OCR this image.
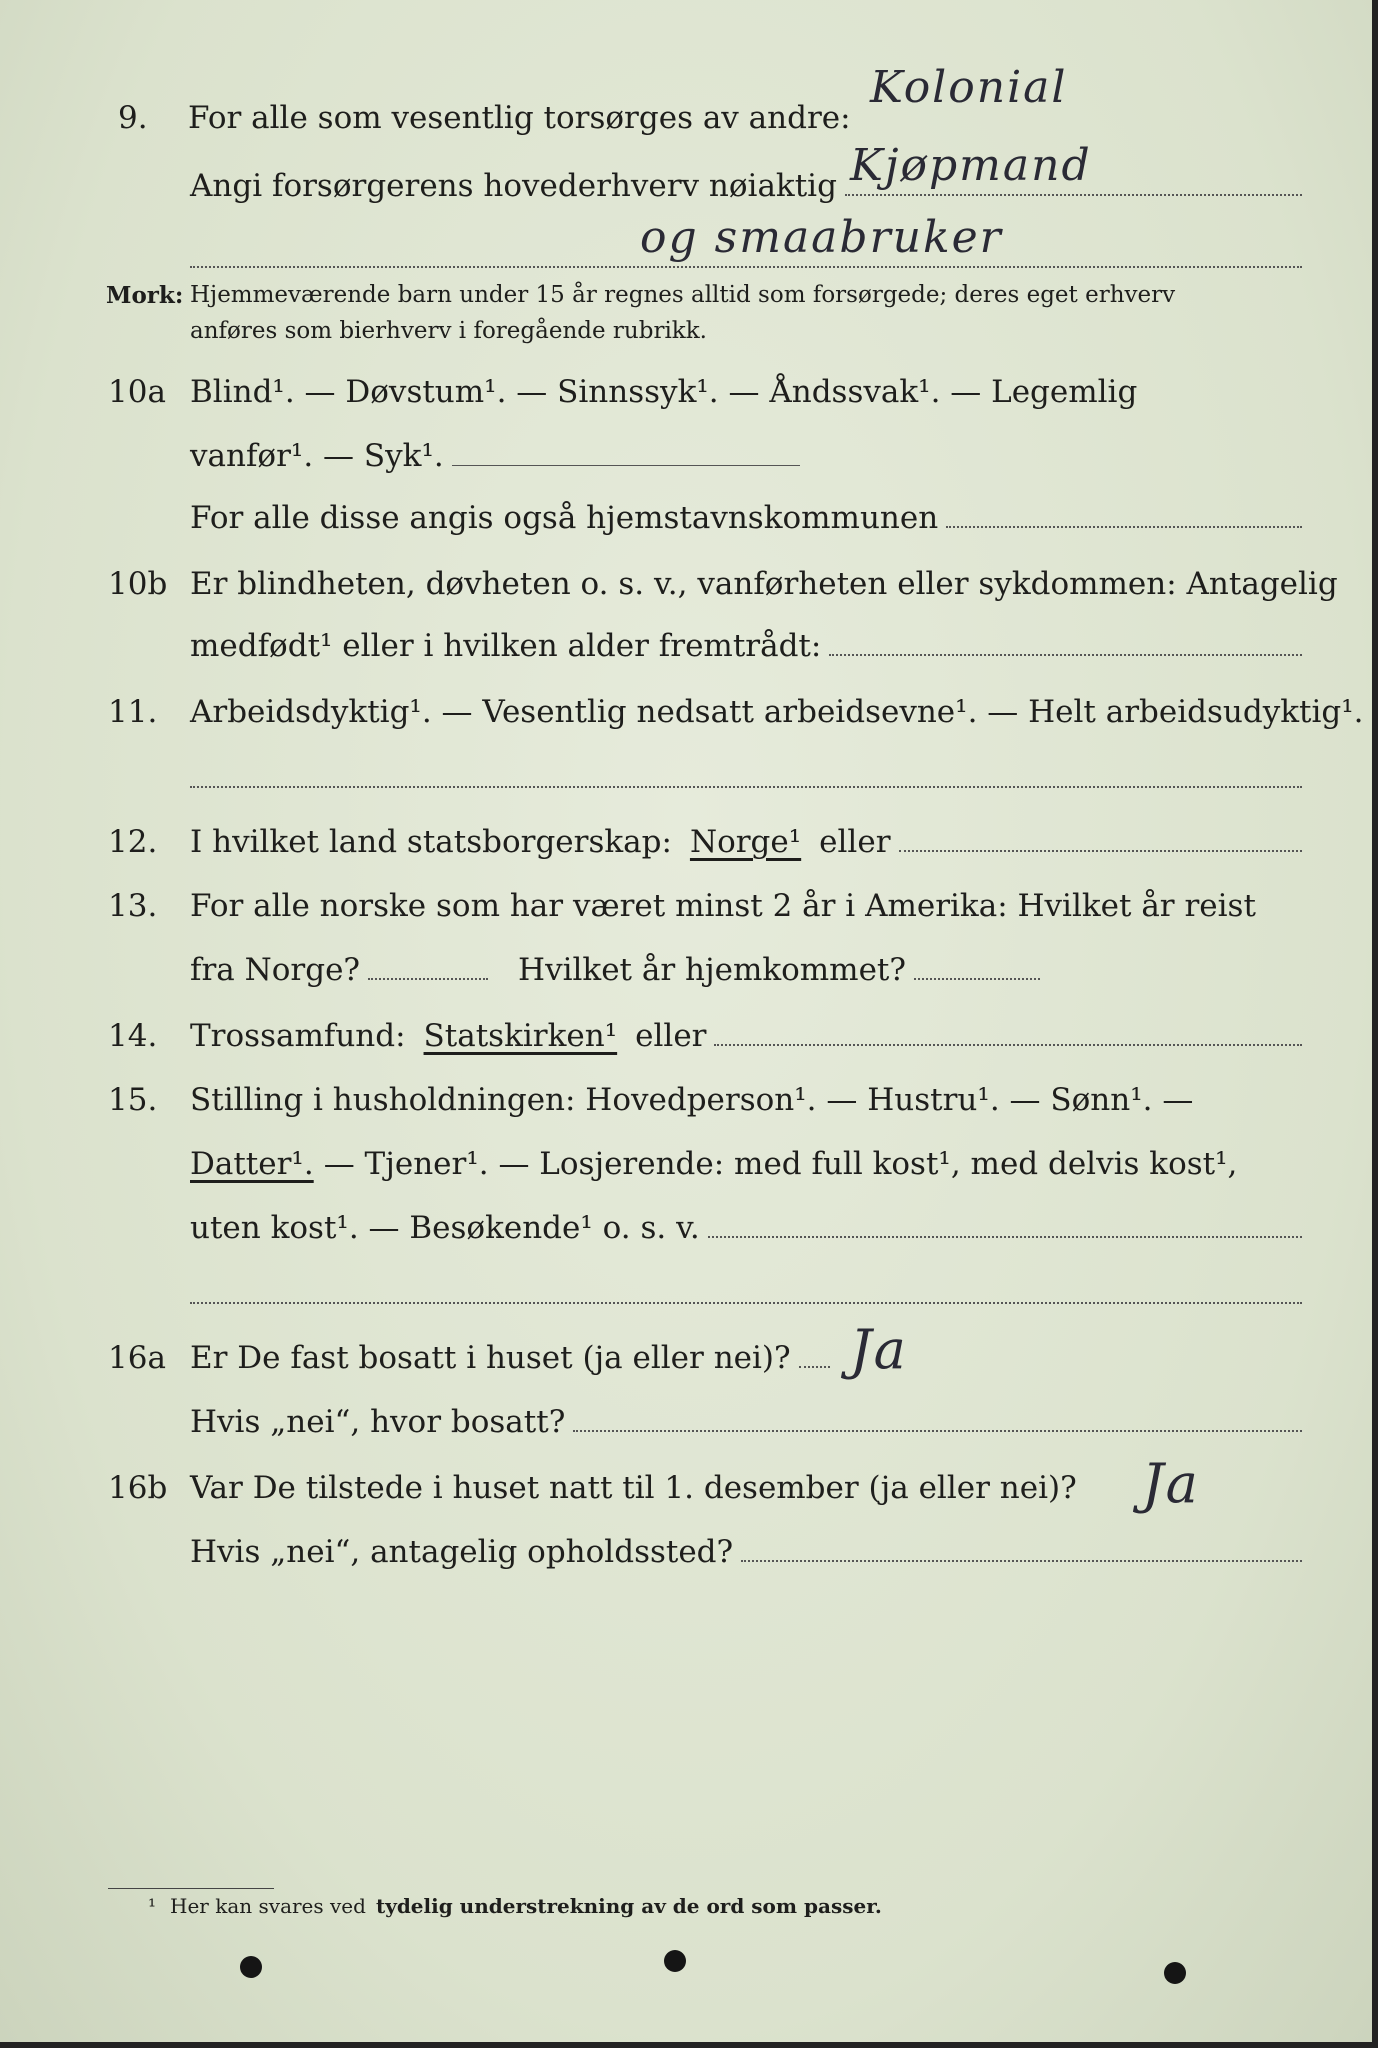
9. For alle som vesentlig torsørges av andre:
Kolonial
Angi forsørgerens hovederhverv nøiaktig Kjøpmand
og smaabruker
Mork: Hjemmeværende barn under 15 år regnes alltid som forsørgede; deres eget erhverv
anføres som bierhverv i foregående rubrikk.
10a Blind¹. — Døvstum¹. — Sinnssyk¹. — Åndssvak¹. — Legemlig
vanfør¹. — Syk¹.
For alle disse angis også hjemstavnskommunen
10b Er blindheten, døvheten o. s. v., vanførheten eller sykdommen: Antagelig
medfødt¹ eller i hvilken alder fremtrådt:
11. Arbeidsdyktig¹. — Vesentlig nedsatt arbeidsevne¹. — Helt arbeidsudyktig¹.
12. I hvilket land statsborgerskap: Norge¹ eller
13. For alle norske som har været minst 2 år i Amerika: Hvilket år reist
fra Norge?	Hvilket år hjemkommet?
14. Trossamfund: Statskirken¹ eller
15. Stilling i husholdningen: Hovedperson¹. — Hustru¹. — Sønn¹. —
Datter¹. — Tjener¹. — Losjerende: med full kost¹, med delvis kost¹,
uten kost¹. — Besøkende¹ o. s. v.
16a Er De fast bosatt i huset (ja eller nei)? Ja
Hvis „nei“, hvor bosatt?
16b Var De tilstede i huset natt til 1. desember (ja eller nei)? Ja
Hvis „nei“, antagelig opholdssted?
¹ Her kan svares ved tydelig understrekning av de ord som passer.
